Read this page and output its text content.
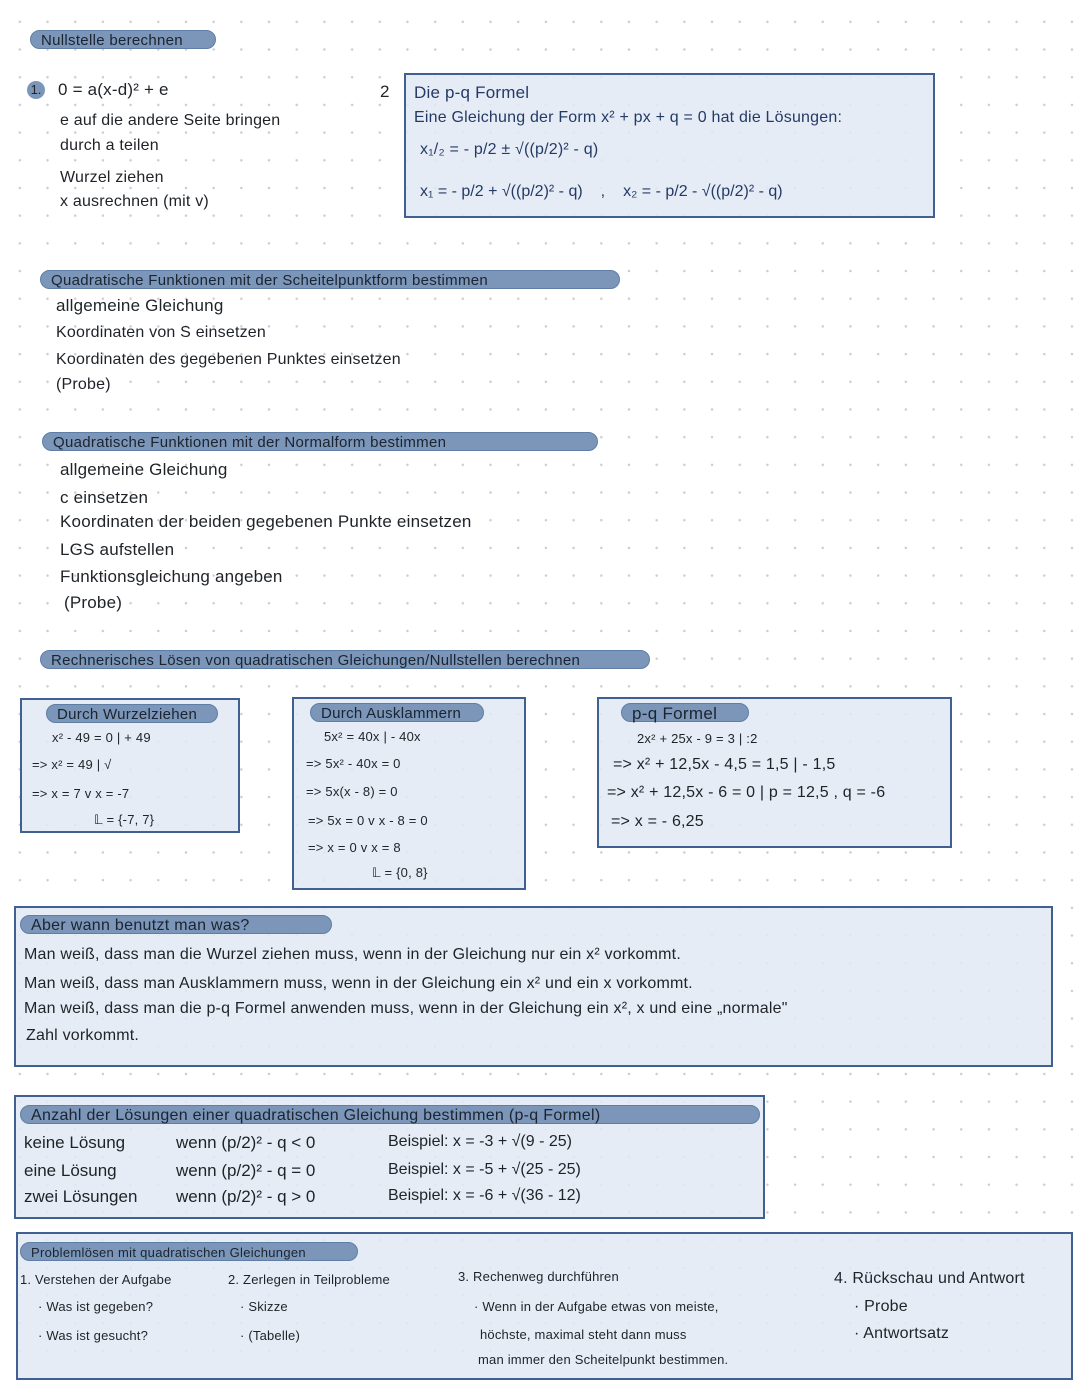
Nullstelle berechnen
1. 0 = a(x-d)² + e
e auf die andere Seite bringen
durch a teilen
Wurzel ziehen
x ausrechnen (mit v)
2 Die p-q Formel
Eine Gleichung der Form x² + px + q = 0 hat die Lösungen:
x₁/₂ = - p/2 ± √((p/2)² - q)
x₁ = - p/2 + √((p/2)² - q) , x₂ = - p/2 - √((p/2)² - q)
Quadratische Funktionen mit der Scheitelpunktform bestimmen
allgemeine Gleichung
Koordinaten von S einsetzen
Koordinaten des gegebenen Punktes einsetzen
(Probe)
Quadratische Funktionen mit der Normalform bestimmen
allgemeine Gleichung
c einsetzen
Koordinaten der beiden gegebenen Punkte einsetzen
LGS aufstellen
Funktionsgleichung angeben
(Probe)
Rechnerisches Lösen von quadratischen Gleichungen/Nullstellen berechnen
Durch Wurzelziehen
x² - 49 = 0 | + 49
=> x² = 49 | √
=> x = 7 v x = -7
𝕃 = {-7, 7}
Durch Ausklammern
5x² = 40x | - 40x
=> 5x² - 40x = 0
=> 5x(x - 8) = 0
=> 5x = 0 v x - 8 = 0
=> x = 0 v x = 8
𝕃 = {0, 8}
p-q Formel
2x² + 25x - 9 = 3 | :2
=> x² + 12,5x - 4,5 = 1,5 | - 1,5
=> x² + 12,5x - 6 = 0 | p = 12,5 , q = -6
=> x = - 6,25
Aber wann benutzt man was?
Man weiß, dass man die Wurzel ziehen muss, wenn in der Gleichung nur ein x² vorkommt.
Man weiß, dass man Ausklammern muss, wenn in der Gleichung ein x² und ein x vorkommt.
Man weiß, dass man die p-q Formel anwenden muss, wenn in der Gleichung ein x², x und eine „normale"
Zahl vorkommt.
Anzahl der Lösungen einer quadratischen Gleichung bestimmen (p-q Formel)
keine Lösung	wenn (p/2)² - q < 0	Beispiel: x = -3 + √(9 - 25)
eine Lösung	wenn (p/2)² - q = 0	Beispiel: x = -5 + √(25 - 25)
zwei Lösungen	wenn (p/2)² - q > 0	Beispiel: x = -6 + √(36 - 12)
Problemlösen mit quadratischen Gleichungen
1. Verstehen der Aufgabe
· Was ist gegeben?
· Was ist gesucht?
2. Zerlegen in Teilprobleme
· Skizze
· (Tabelle)
3. Rechenweg durchführen
· Wenn in der Aufgabe etwas von meiste,
höchste, maximal steht dann muss
man immer den Scheitelpunkt bestimmen.
4. Rückschau und Antwort
· Probe
· Antwortsatz
